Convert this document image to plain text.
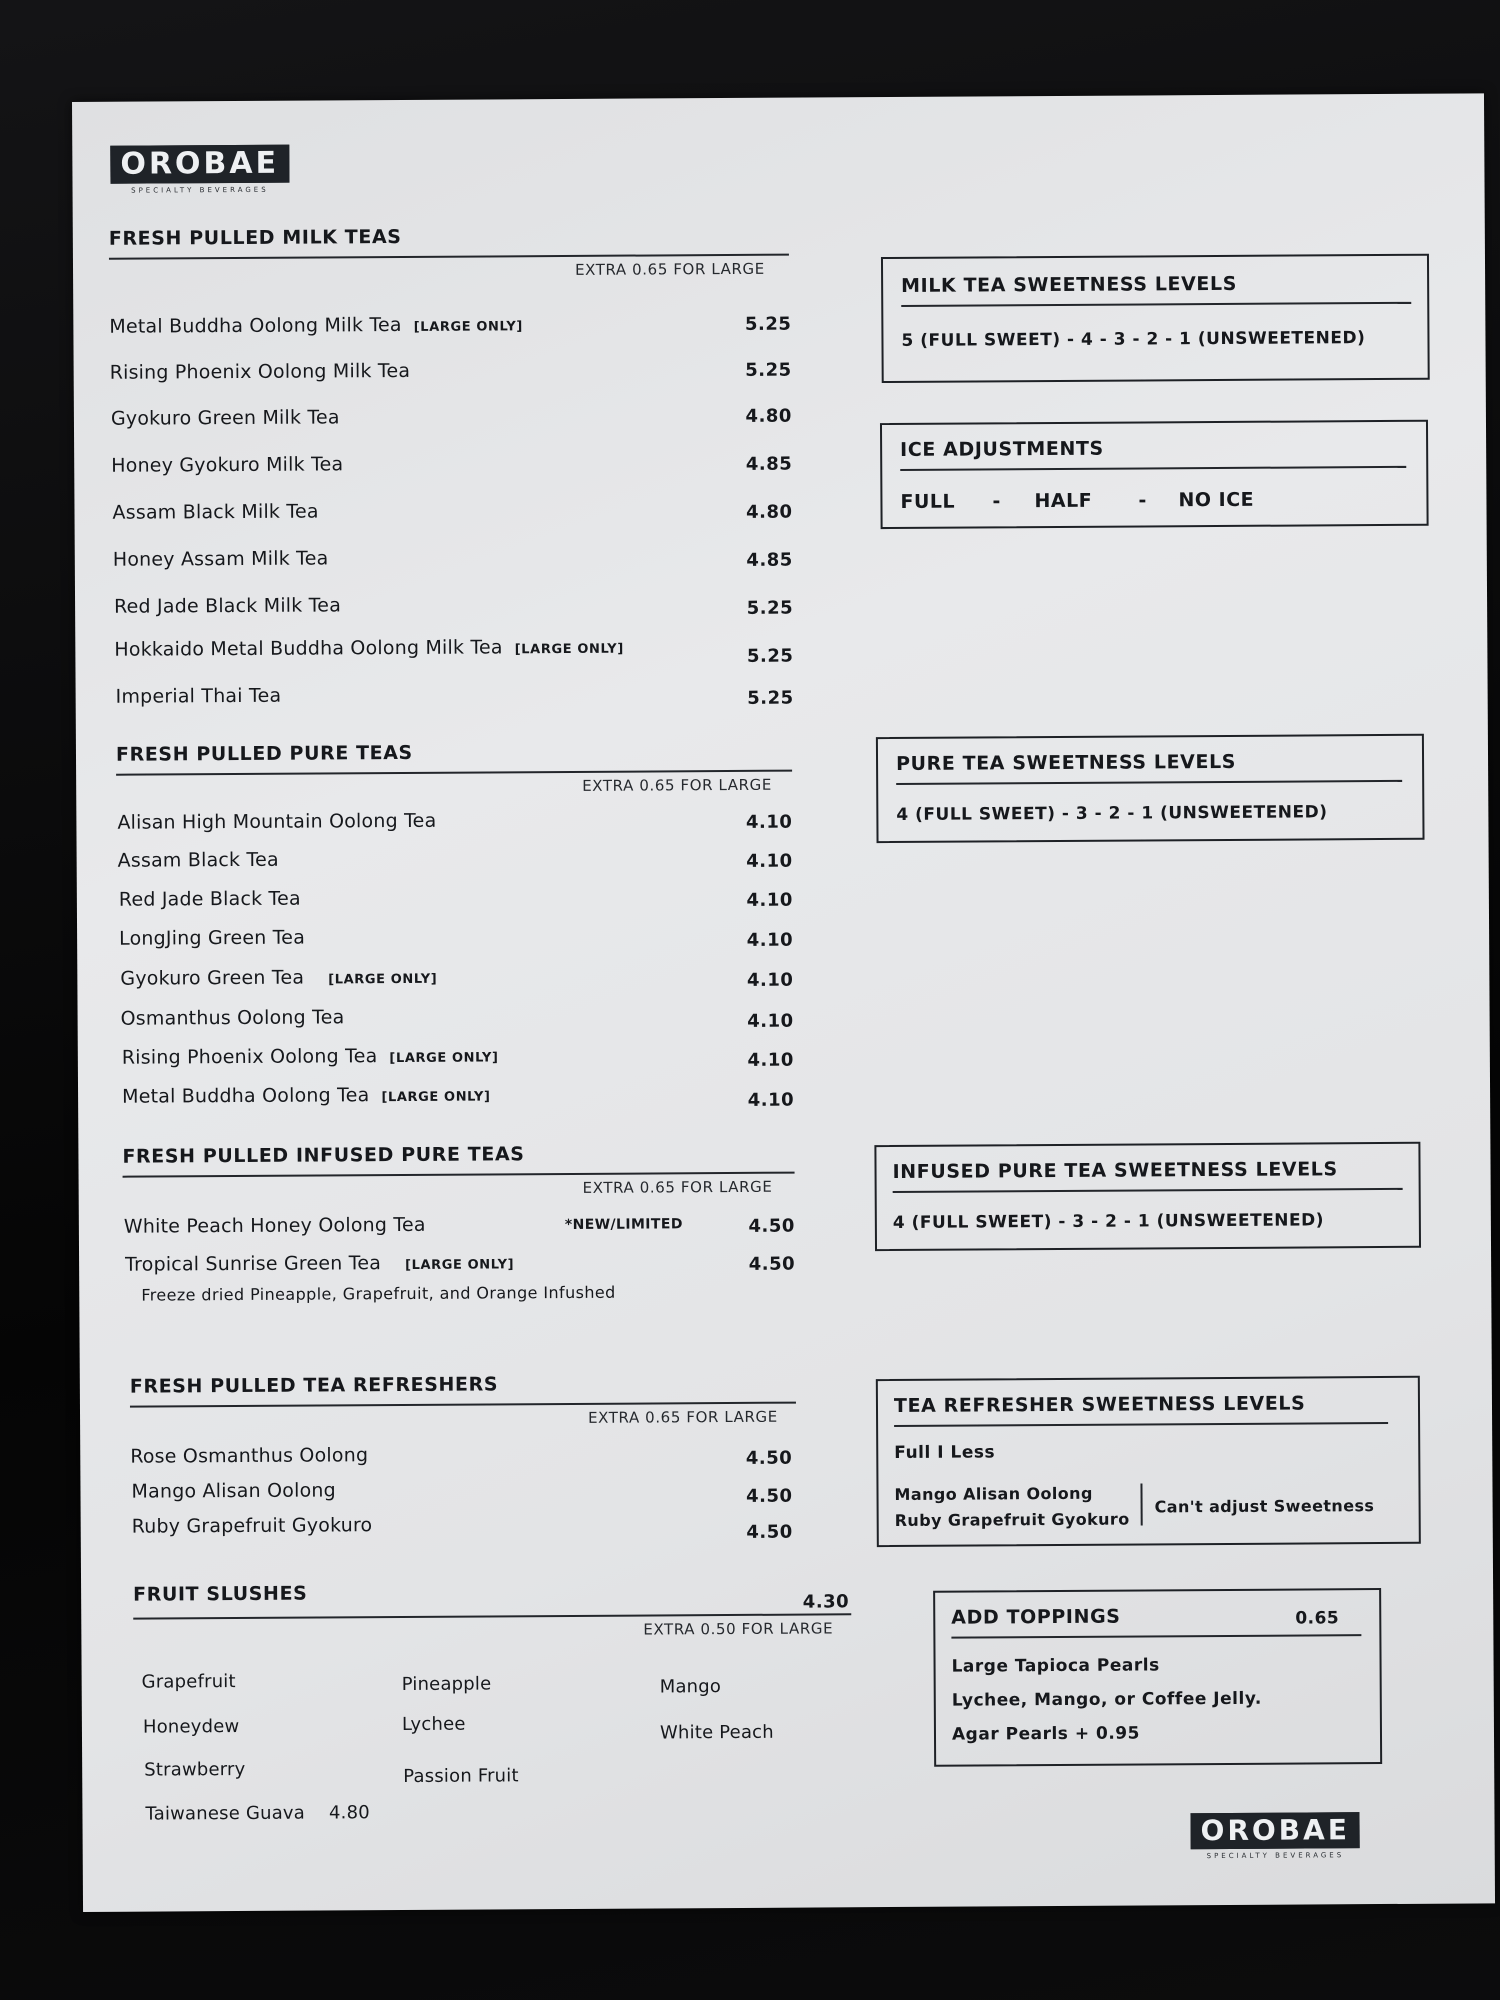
OROBAE
SPECIALTY BEVERAGES
FRESH PULLED MILK TEAS
EXTRA 0.65 FOR LARGE
Metal Buddha Oolong Milk Tea [LARGE ONLY]	5.25
Rising Phoenix Oolong Milk Tea	5.25
Gyokuro Green Milk Tea	4.80
Honey Gyokuro Milk Tea	4.85
Assam Black Milk Tea	4.80
Honey Assam Milk Tea	4.85
Red Jade Black Milk Tea	5.25
Hokkaido Metal Buddha Oolong Milk Tea [LARGE ONLY]	5.25
Imperial Thai Tea	5.25
FRESH PULLED PURE TEAS
EXTRA 0.65 FOR LARGE
Alisan High Mountain Oolong Tea	4.10
Assam Black Tea	4.10
Red Jade Black Tea	4.10
LongJing Green Tea	4.10
Gyokuro Green Tea [LARGE ONLY]	4.10
Osmanthus Oolong Tea	4.10
Rising Phoenix Oolong Tea [LARGE ONLY]	4.10
Metal Buddha Oolong Tea [LARGE ONLY]	4.10
FRESH PULLED INFUSED PURE TEAS
EXTRA 0.65 FOR LARGE
White Peach Honey Oolong Tea	*NEW/LIMITED	4.50
Tropical Sunrise Green Tea [LARGE ONLY]	4.50
Freeze dried Pineapple, Grapefruit, and Orange Infushed
FRESH PULLED TEA REFRESHERS
EXTRA 0.65 FOR LARGE
Rose Osmanthus Oolong	4.50
Mango Alisan Oolong	4.50
Ruby Grapefruit Gyokuro	4.50
FRUIT SLUSHES	4.30
EXTRA 0.50 FOR LARGE
Grapefruit
Honeydew
Strawberry
Taiwanese Guava 4.80
Pineapple
Lychee
Passion Fruit
Mango
White Peach
MILK TEA SWEETNESS LEVELS
5 (FULL SWEET) - 4 - 3 - 2 - 1 (UNSWEETENED)
ICE ADJUSTMENTS
FULL - HALF - NO ICE
PURE TEA SWEETNESS LEVELS
4 (FULL SWEET) - 3 - 2 - 1 (UNSWEETENED)
INFUSED PURE TEA SWEETNESS LEVELS
4 (FULL SWEET) - 3 - 2 - 1 (UNSWEETENED)
TEA REFRESHER SWEETNESS LEVELS
Full I Less
Mango Alisan Oolong
Ruby Grapefruit Gyokuro
Can't adjust Sweetness
ADD TOPPINGS	0.65
Large Tapioca Pearls
Lychee, Mango, or Coffee Jelly.
Agar Pearls + 0.95
OROBAE
SPECIALTY BEVERAGES
